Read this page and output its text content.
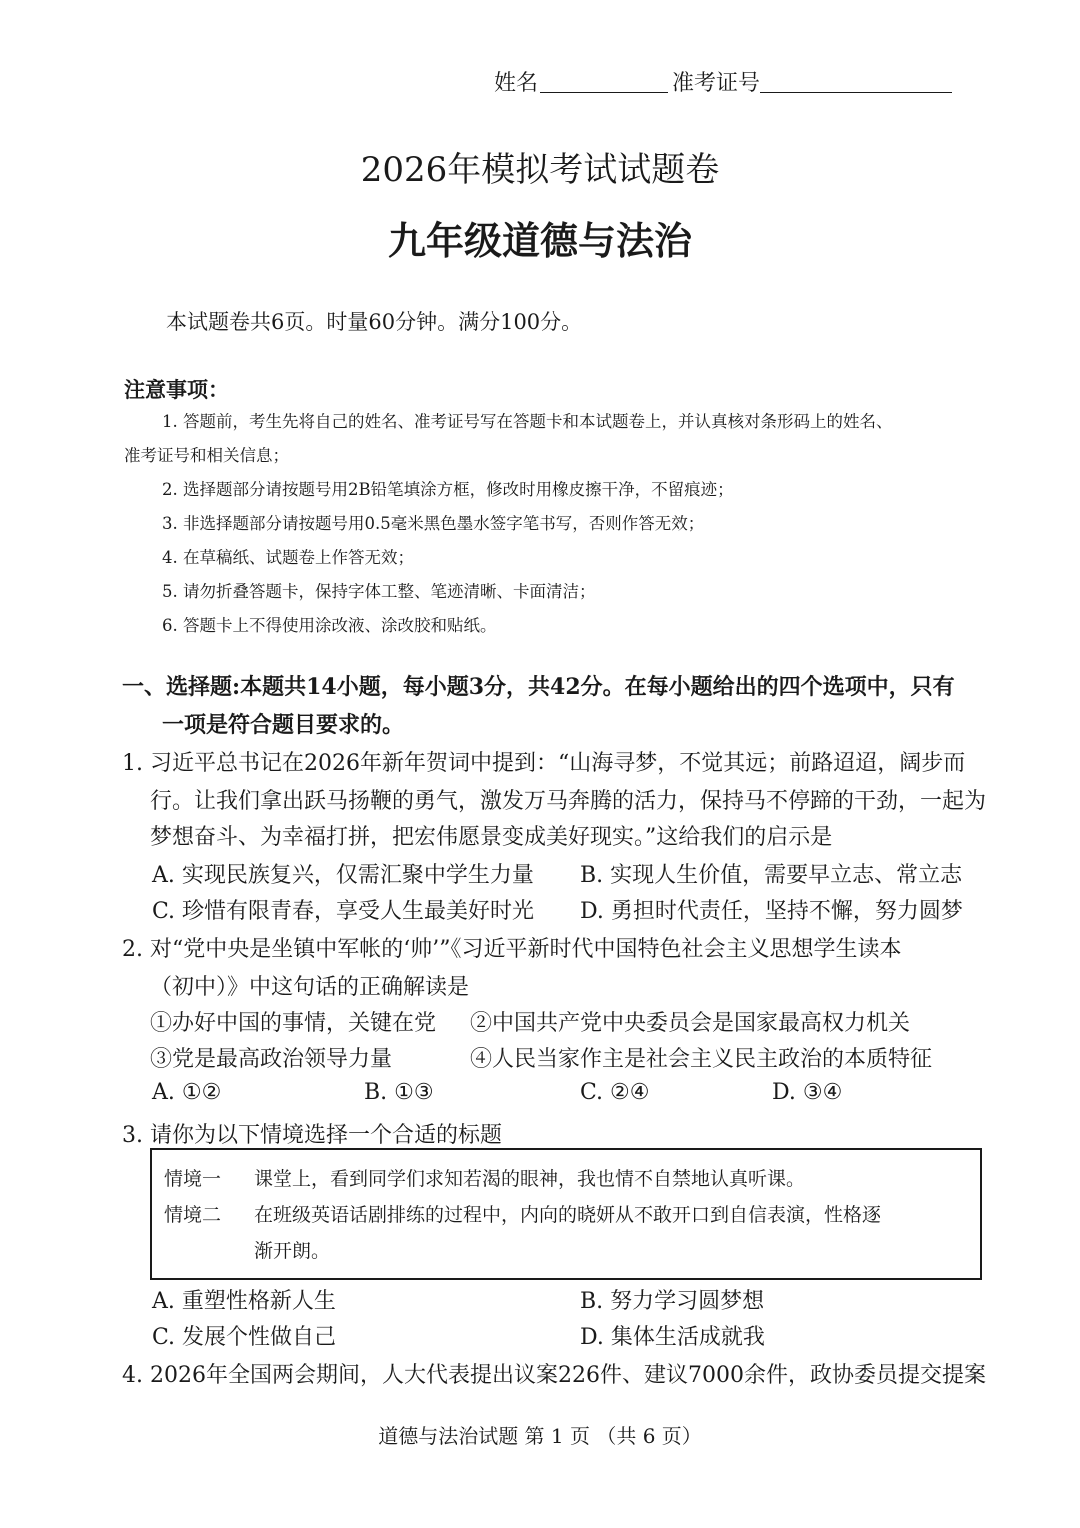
姓名	准考证号
2026年模拟考试试题卷
九年级道德与法治
本试题卷共6页。时量60分钟。满分100分。
注意事项：
1. 答题前，考生先将自己的姓名、准考证号写在答题卡和本试题卷上，并认真核对条形码上的姓名、
准考证号和相关信息；
2. 选择题部分请按题号用2B铅笔填涂方框，修改时用橡皮擦干净，不留痕迹；
3. 非选择题部分请按题号用0.5毫米黑色墨水签字笔书写，否则作答无效；
4. 在草稿纸、试题卷上作答无效；
5. 请勿折叠答题卡，保持字体工整、笔迹清晰、卡面清洁；
6. 答题卡上不得使用涂改液、涂改胶和贴纸。
一、选择题:本题共14小题，每小题3分，共42分。在每小题给出的四个选项中，只有
一项是符合题目要求的。
1. 习近平总书记在2026年新年贺词中提到：“山海寻梦，不觉其远；前路迢迢，阔步而
行。让我们拿出跃马扬鞭的勇气，激发万马奔腾的活力，保持马不停蹄的干劲，一起为
梦想奋斗、为幸福打拼，把宏伟愿景变成美好现实。”这给我们的启示是
A. 实现民族复兴，仅需汇聚中学生力量 B. 实现人生价值，需要早立志、常立志
C. 珍惜有限青春，享受人生最美好时光 D. 勇担时代责任，坚持不懈，努力圆梦
2. 对“党中央是坐镇中军帐的‘帅’”《习近平新时代中国特色社会主义思想学生读本
（初中）》中这句话的正确解读是
①办好中国的事情，关键在党 ②中国共产党中央委员会是国家最高权力机关
③党是最高政治领导力量	④人民当家作主是社会主义民主政治的本质特征
A. ①②	B. ①③	C. ②④	D. ③④
3. 请你为以下情境选择一个合适的标题
情境一 课堂上，看到同学们求知若渴的眼神，我也情不自禁地认真听课。
情境二 在班级英语话剧排练的过程中，内向的晓妍从不敢开口到自信表演，性格逐
渐开朗。
A. 重塑性格新人生	B. 努力学习圆梦想
C. 发展个性做自己	D. 集体生活成就我
4. 2026年全国两会期间，人大代表提出议案226件、建议7000余件，政协委员提交提案
道德与法治试题 第 1 页 （共 6 页）
